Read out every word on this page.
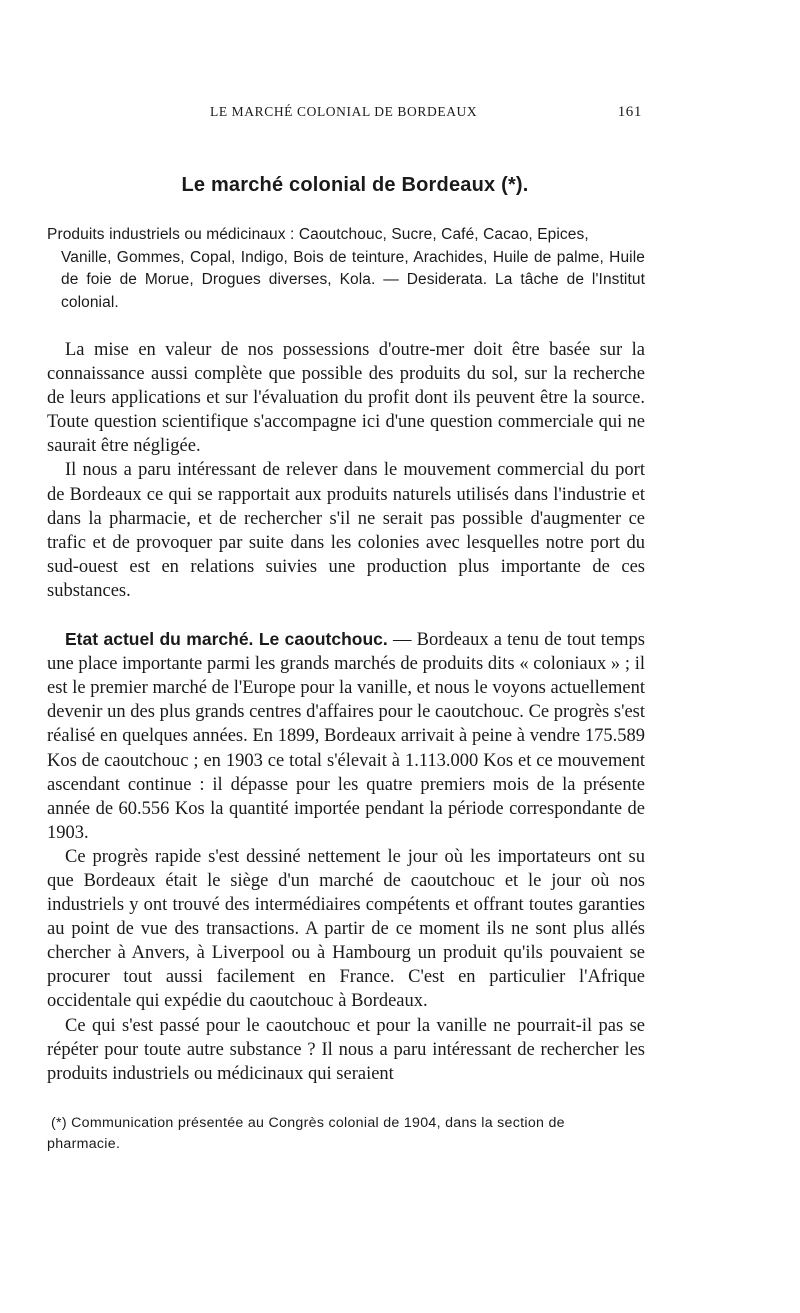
LE MARCHÉ COLONIAL DE BORDEAUX	161
Le marché colonial de Bordeaux (*).
Produits industriels ou médicinaux : Caoutchouc, Sucre, Café, Cacao, Epices,
Vanille, Gommes, Copal, Indigo, Bois de teinture, Arachides, Huile de palme, Huile de foie de Morue, Drogues diverses, Kola. — Desiderata. La tâche de l'Institut colonial.

La mise en valeur de nos possessions d'outre-mer doit être basée sur la connaissance aussi complète que possible des produits du sol, sur la recherche de leurs applications et sur l'évaluation du profit dont ils peuvent être la source. Toute question scientifique s'accompagne ici d'une question commerciale qui ne saurait être négligée.

Il nous a paru intéressant de relever dans le mouvement commercial du port de Bordeaux ce qui se rapportait aux produits naturels utilisés dans l'industrie et dans la pharmacie, et de rechercher s'il ne serait pas possible d'augmenter ce trafic et de provoquer par suite dans les colonies avec lesquelles notre port du sud-ouest est en relations suivies une production plus importante de ces substances.

Etat actuel du marché. Le caoutchouc. — Bordeaux a tenu de tout temps une place importante parmi les grands marchés de produits dits « coloniaux » ; il est le premier marché de l'Europe pour la vanille, et nous le voyons actuellement devenir un des plus grands centres d'affaires pour le caoutchouc. Ce progrès s'est réalisé en quelques années. En 1899, Bordeaux arrivait à peine à vendre 175.589 Kos de caoutchouc ; en 1903 ce total s'élevait à 1.113.000 Kos et ce mouvement ascendant continue : il dépasse pour les quatre premiers mois de la présente année de 60.556 Kos la quantité importée pendant la période correspondante de 1903.

Ce progrès rapide s'est dessiné nettement le jour où les importateurs ont su que Bordeaux était le siège d'un marché de caoutchouc et le jour où nos industriels y ont trouvé des intermédiaires compétents et offrant toutes garanties au point de vue des transactions. A partir de ce moment ils ne sont plus allés chercher à Anvers, à Liverpool ou à Hambourg un produit qu'ils pouvaient se procurer tout aussi facilement en France. C'est en particulier l'Afrique occidentale qui expédie du caoutchouc à Bordeaux.

Ce qui s'est passé pour le caoutchouc et pour la vanille ne pourrait-il pas se répéter pour toute autre substance ? Il nous a paru intéressant de rechercher les produits industriels ou médicinaux qui seraient

(*) Communication présentée au Congrès colonial de 1904, dans la section de
pharmacie.
